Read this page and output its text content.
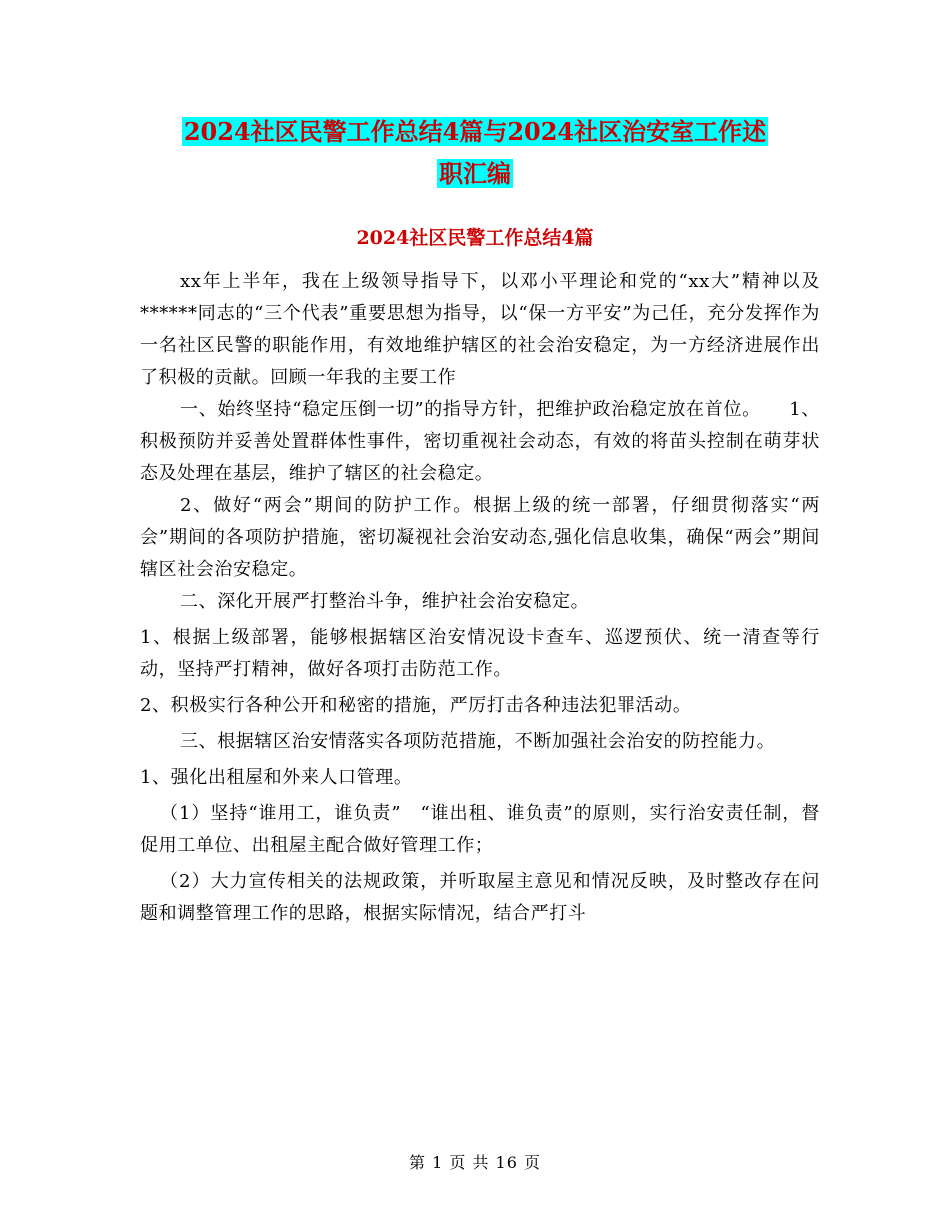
2024社区民警工作总结4篇与2024社区治安室工作述
职汇编
2024社区民警工作总结4篇

xx年上半年，我在上级领导指导下，以邓小平理论和党的“xx大”精神以及******同志的“三个代表”重要思想为指导，以“保一方平安”为己任，充分发挥作为一名社区民警的职能作用，有效地维护辖区的社会治安稳定，为一方经济进展作出了积极的贡献。回顾一年我的主要工作

一、始终坚持“稳定压倒一切”的指导方针，把维护政治稳定放在首位。　　1、积极预防并妥善处置群体性事件，密切重视社会动态，有效的将苗头控制在萌芽状态及处理在基层，维护了辖区的社会稳定。

2、做好“两会”期间的防护工作。根据上级的统一部署，仔细贯彻落实“两会”期间的各项防护措施，密切凝视社会治安动态,强化信息收集，确保“两会”期间辖区社会治安稳定。

二、深化开展严打整治斗争，维护社会治安稳定。

1、根据上级部署，能够根据辖区治安情况设卡查车、巡逻预伏、统一清查等行动，坚持严打精神，做好各项打击防范工作。

2、积极实行各种公开和秘密的措施，严厉打击各种违法犯罪活动。

三、根据辖区治安情落实各项防范措施，不断加强社会治安的防控能力。

1、强化出租屋和外来人口管理。

（1）坚持“谁用工，谁负责”　“谁出租、谁负责”的原则，实行治安责任制，督促用工单位、出租屋主配合做好管理工作；

（2）大力宣传相关的法规政策，并听取屋主意见和情况反映，及时整改存在问题和调整管理工作的思路，根据实际情况，结合严打斗

第 1 页 共 16 页
